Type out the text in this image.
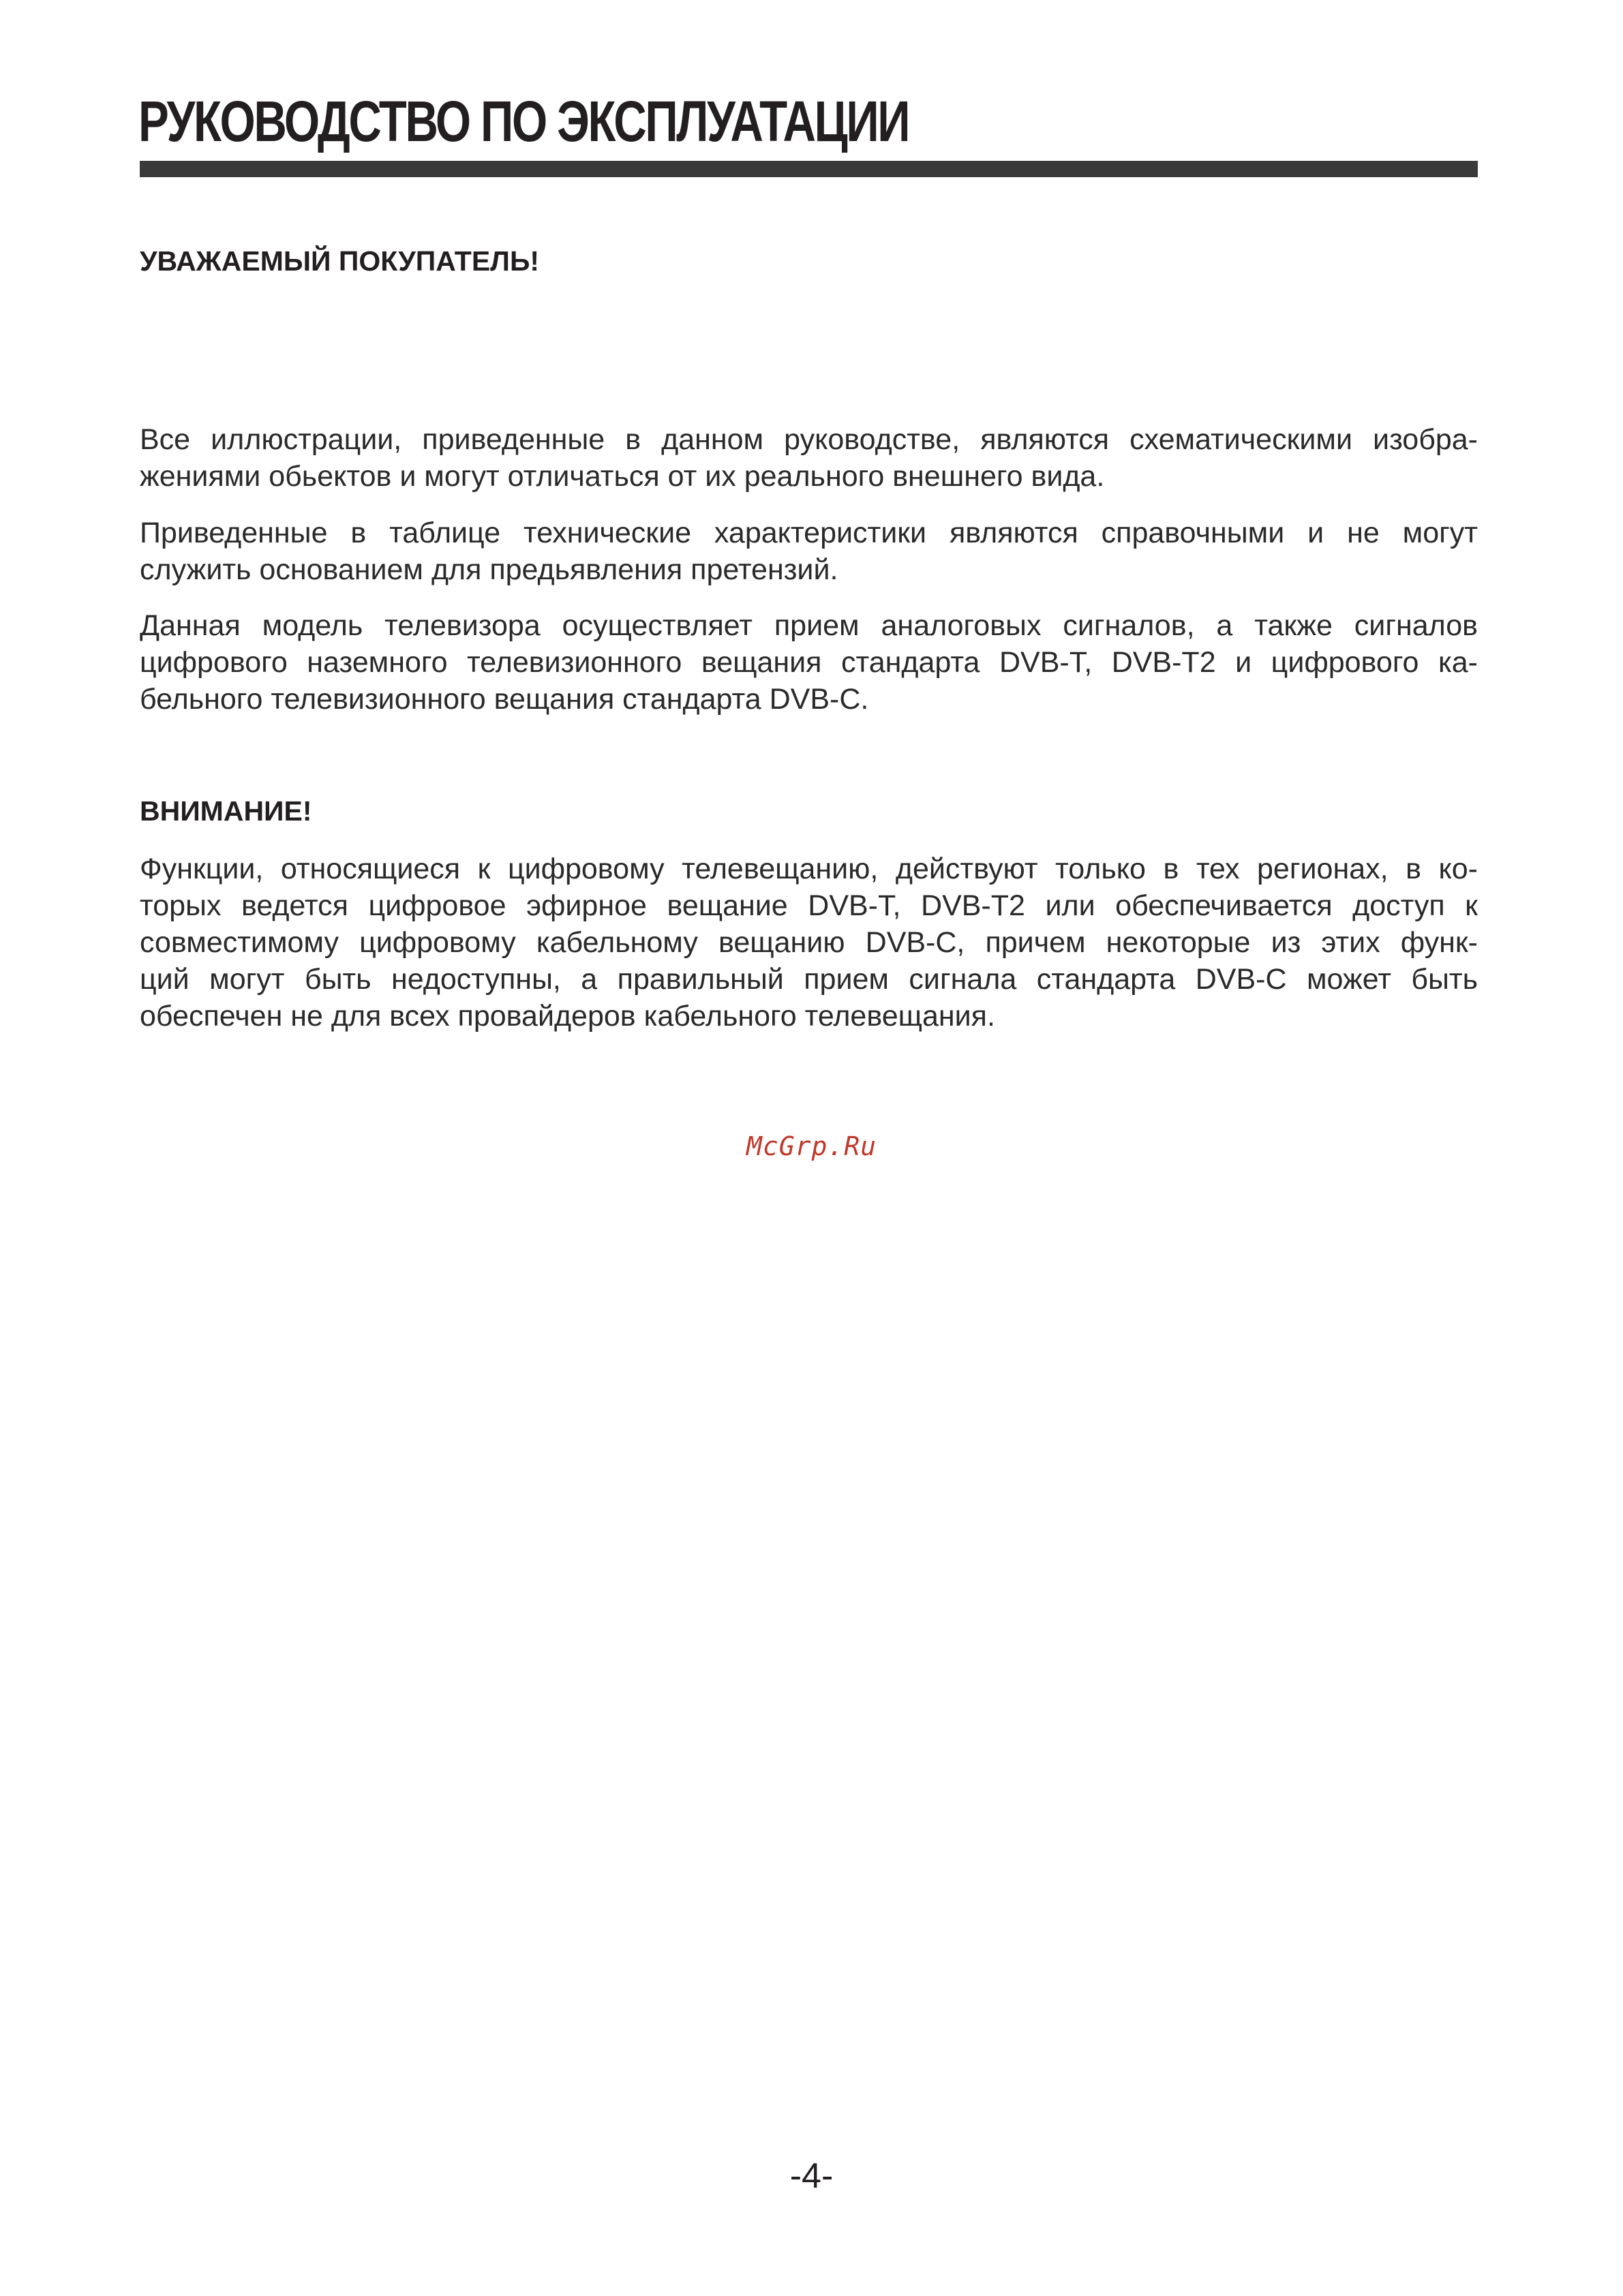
РУКОВОДСТВО ПО ЭКСПЛУАТАЦИИ
УВАЖАЕМЫЙ ПОКУПАТЕЛЬ!

Все иллюстрации, приведенные в данном руководстве, являются схематическими изобра-
жениями обьектов и могут отличаться от их реального внешнего вида.

Приведенные в таблице технические характеристики являются справочными и не могут
служить основанием для предьявления претензий.

Данная модель телевизора осуществляет прием аналоговых сигналов, а также сигналов
цифрового наземного телевизионного вещания стандарта DVB-T, DVB-T2 и цифрового ка-
бельного телевизионного вещания стандарта DVB-C.

ВНИМАНИЕ!

Функции, относящиеся к цифровому телевещанию, действуют только в тех регионах, в ко-
торых ведется цифровое эфирное вещание DVB-T, DVB-T2 или обеспечивается доступ к
совместимому цифровому кабельному вещанию DVB-C, причем некоторые из этих функ-
ций могут быть недоступны, а правильный прием сигнала стандарта DVB-C может быть
обеспечен не для всех провайдеров кабельного телевещания.

McGrp.Ru
-4-
